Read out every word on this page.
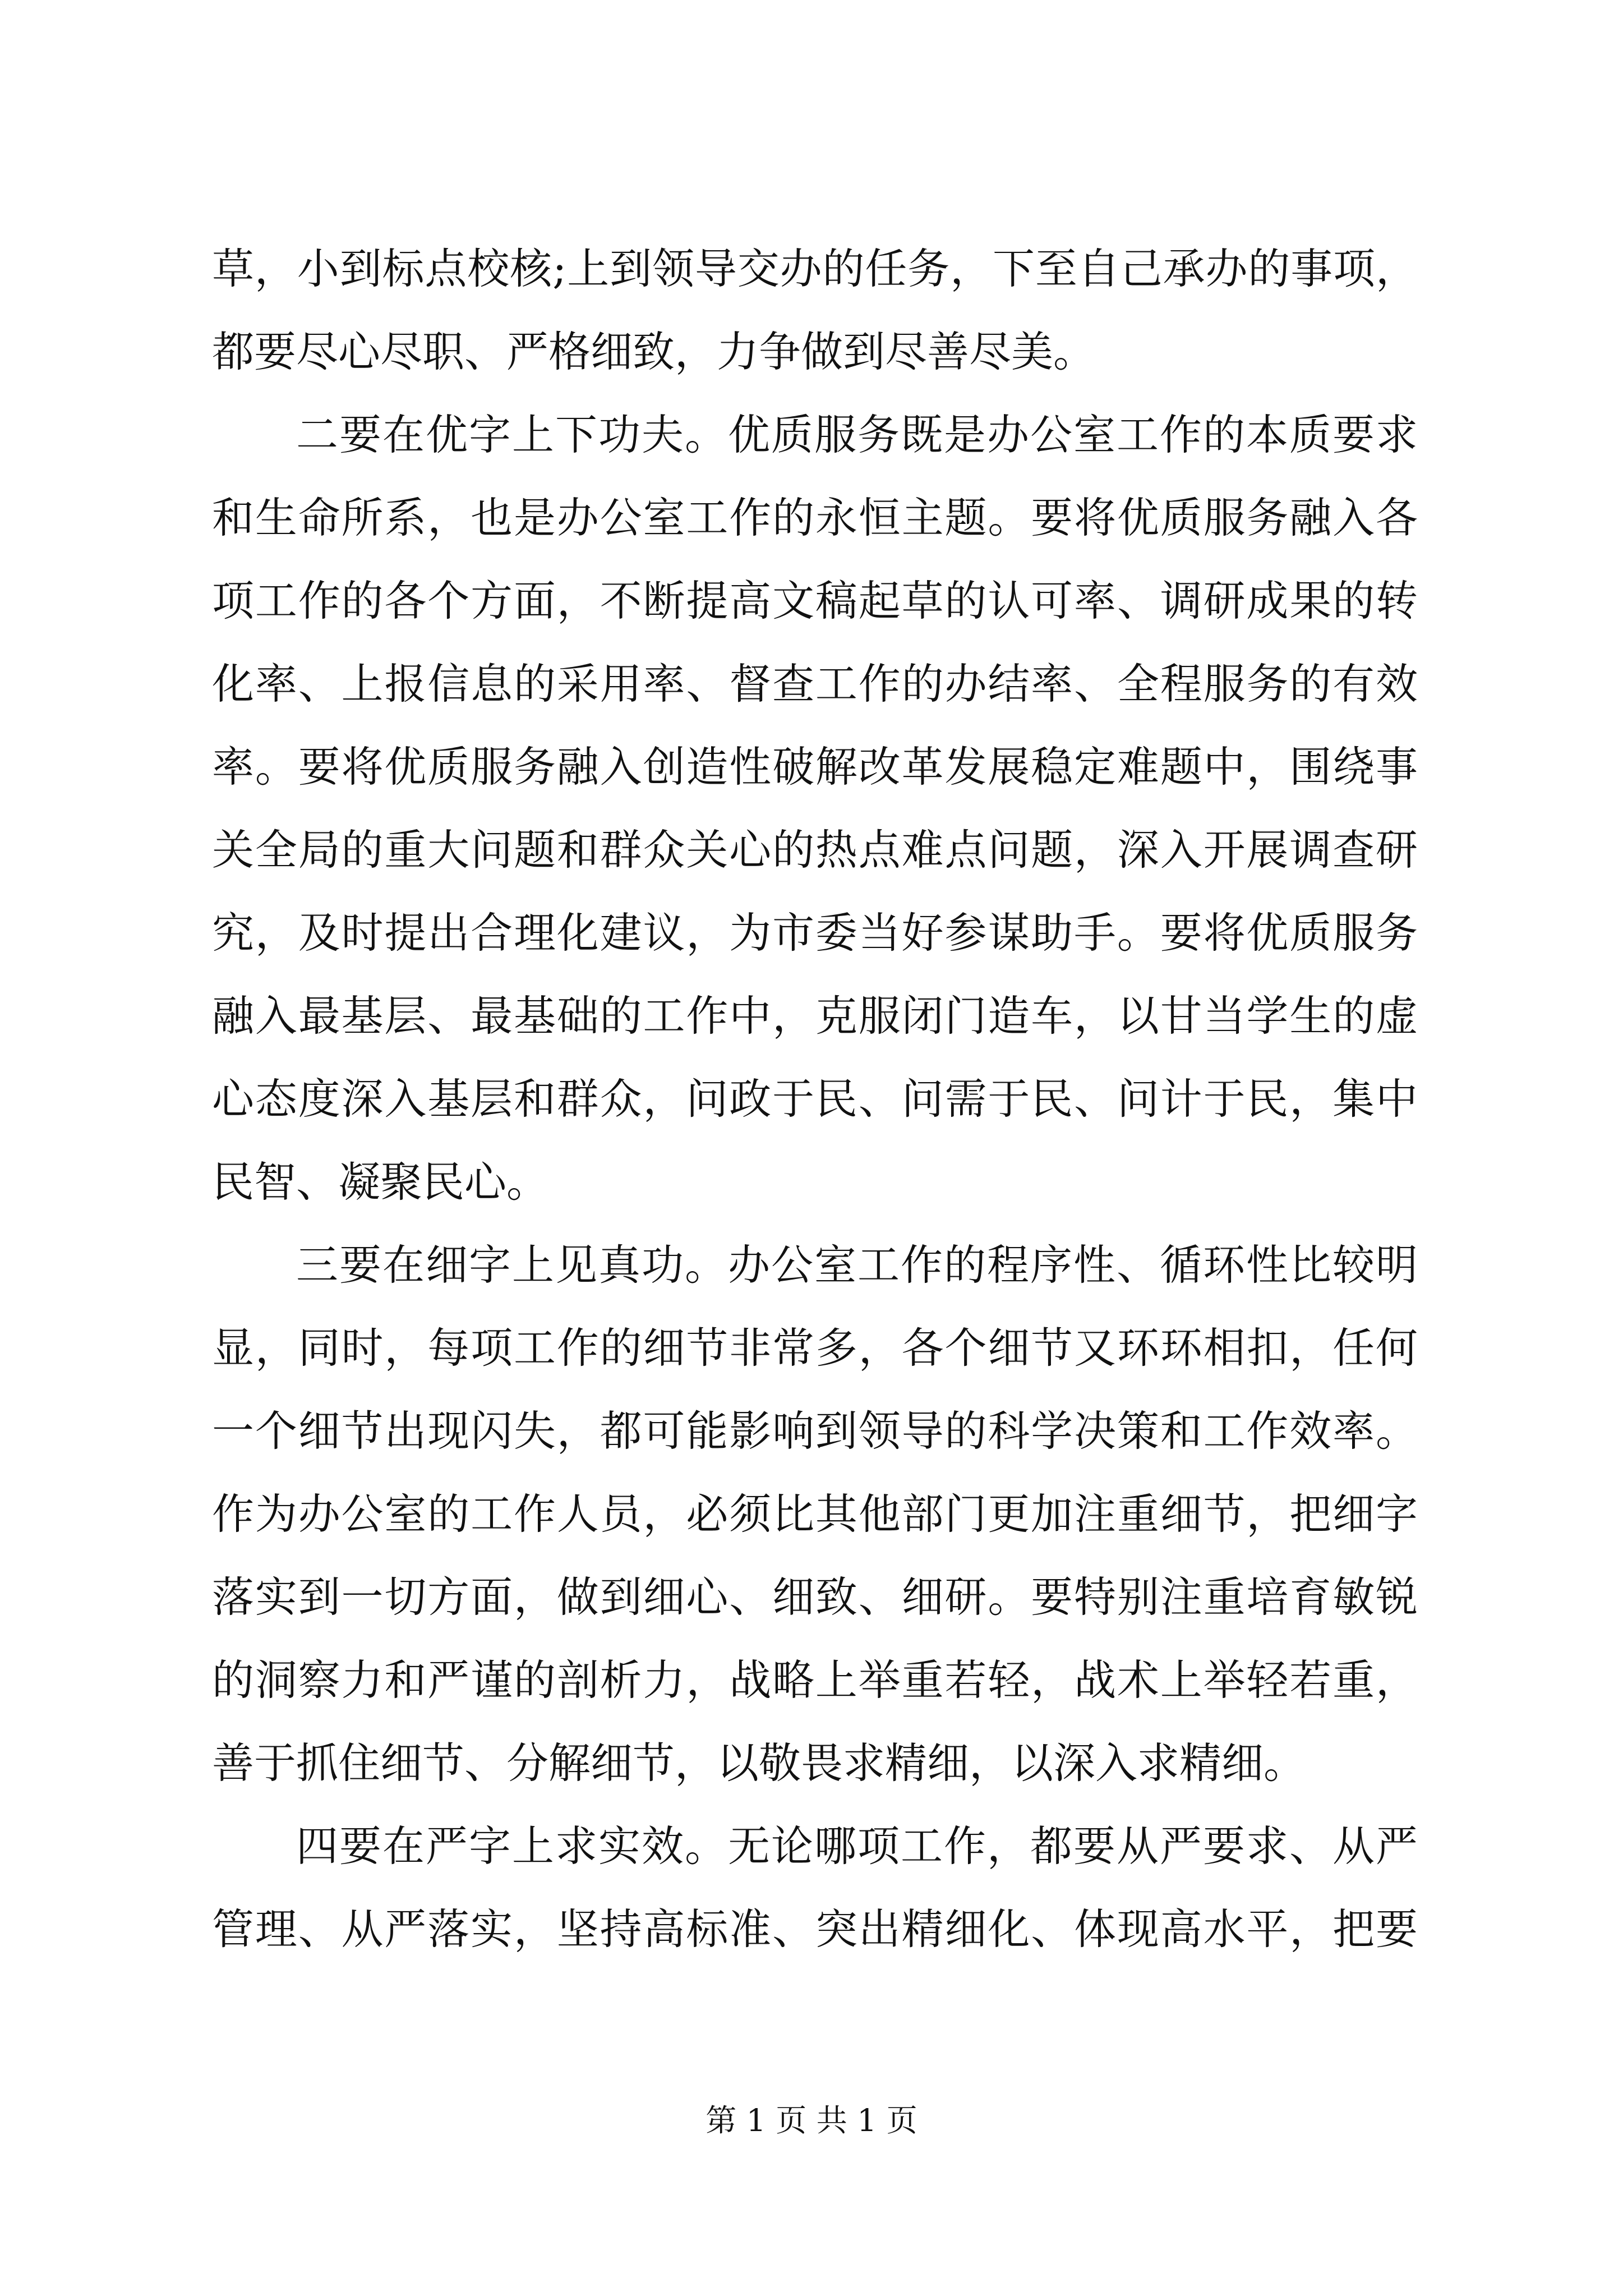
草，小到标点校核;上到领导交办的任务，下至自己承办的事项，
都要尽心尽职、严格细致，力争做到尽善尽美。
二要在优字上下功夫。优质服务既是办公室工作的本质要求
和生命所系，也是办公室工作的永恒主题。要将优质服务融入各
项工作的各个方面，不断提高文稿起草的认可率、调研成果的转
化率、上报信息的采用率、督查工作的办结率、全程服务的有效
率。要将优质服务融入创造性破解改革发展稳定难题中，围绕事
关全局的重大问题和群众关心的热点难点问题，深入开展调查研
究，及时提出合理化建议，为市委当好参谋助手。要将优质服务
融入最基层、最基础的工作中，克服闭门造车，以甘当学生的虚
心态度深入基层和群众，问政于民、问需于民、问计于民，集中
民智、凝聚民心。
三要在细字上见真功。办公室工作的程序性、循环性比较明
显，同时，每项工作的细节非常多，各个细节又环环相扣，任何
一个细节出现闪失，都可能影响到领导的科学决策和工作效率。
作为办公室的工作人员，必须比其他部门更加注重细节，把细字
落实到一切方面，做到细心、细致、细研。要特别注重培育敏锐
的洞察力和严谨的剖析力，战略上举重若轻，战术上举轻若重，
善于抓住细节、分解细节，以敬畏求精细，以深入求精细。
四要在严字上求实效。无论哪项工作，都要从严要求、从严
管理、从严落实，坚持高标准、突出精细化、体现高水平，把要
第 1 页 共 1 页
